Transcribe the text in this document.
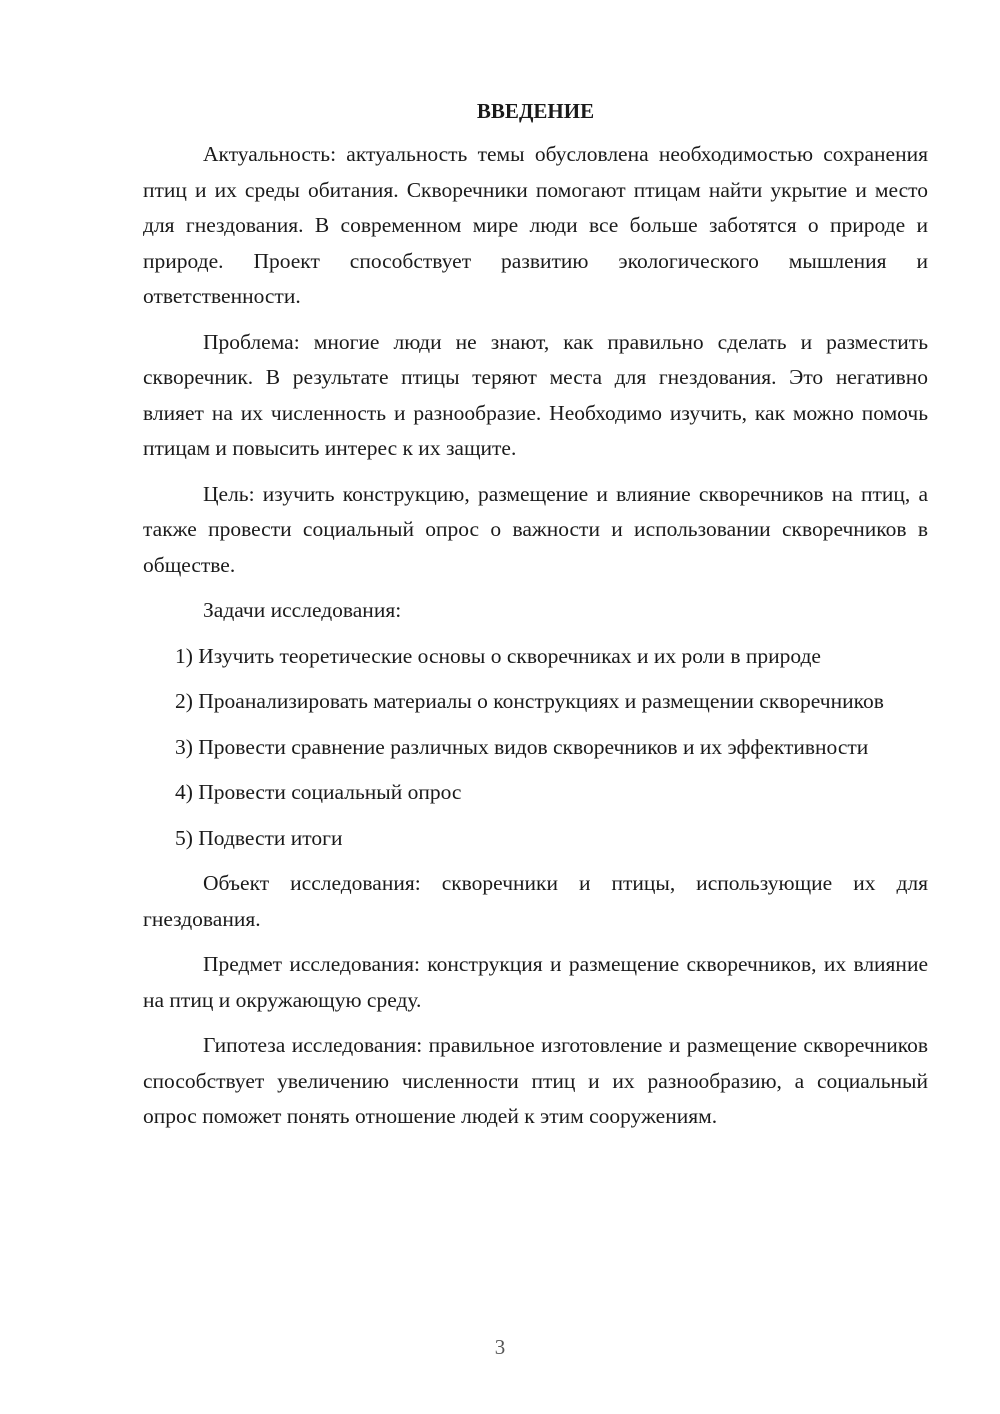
ВВЕДЕНИЕ

Актуальность: актуальность темы обусловлена необходимостью сохранения птиц и их среды обитания. Скворечники помогают птицам найти укрытие и место для гнездования. В современном мире люди все больше заботятся о природе и природе. Проект способствует развитию экологического мышления и ответственности.

Проблема: многие люди не знают, как правильно сделать и разместить скворечник. В результате птицы теряют места для гнездования. Это негативно влияет на их численность и разнообразие. Необходимо изучить, как можно помочь птицам и повысить интерес к их защите.

Цель: изучить конструкцию, размещение и влияние скворечников на птиц, а также провести социальный опрос о важности и использовании скворечников в обществе.

Задачи исследования:

1) Изучить теоретические основы о скворечниках и их роли в природе

2) Проанализировать материалы о конструкциях и размещении скворечников

3) Провести сравнение различных видов скворечников и их эффективности

4) Провести социальный опрос

5) Подвести итоги

Объект исследования: скворечники и птицы, использующие их для гнездования.

Предмет исследования: конструкция и размещение скворечников, их влияние на птиц и окружающую среду.

Гипотеза исследования: правильное изготовление и размещение скворечников способствует увеличению численности птиц и их разнообразию, а социальный опрос поможет понять отношение людей к этим сооружениям.

3
